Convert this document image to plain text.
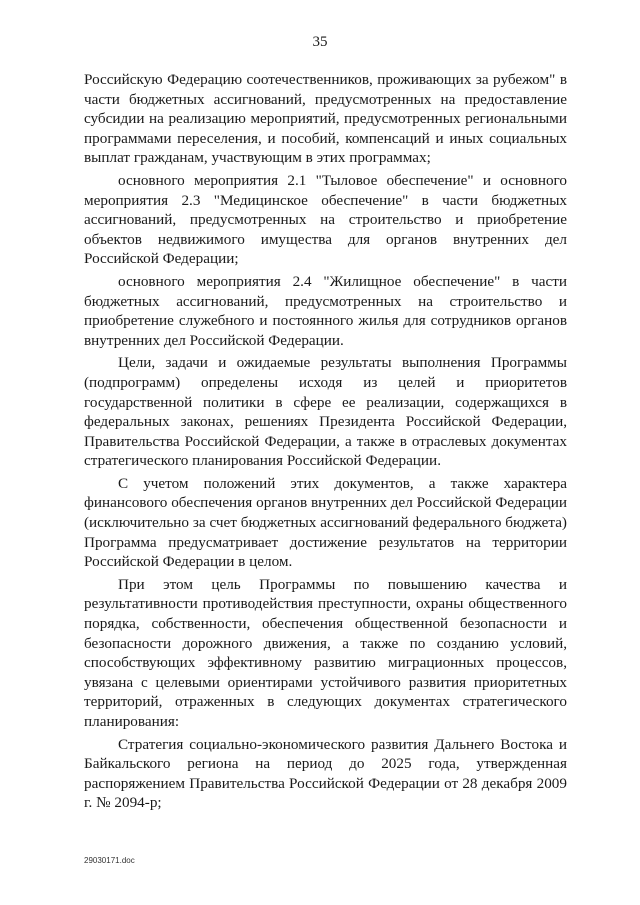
35

Российскую Федерацию соотечественников, проживающих за рубежом" в части бюджетных ассигнований, предусмотренных на предоставление субсидии на реализацию мероприятий, предусмотренных региональными программами переселения, и пособий, компенсаций и иных социальных выплат гражданам, участвующим в этих программах;

основного мероприятия 2.1 "Тыловое обеспечение" и основного мероприятия 2.3 "Медицинское обеспечение" в части бюджетных ассигнований, предусмотренных на строительство и приобретение объектов недвижимого имущества для органов внутренних дел Российской Федерации;

основного мероприятия 2.4 "Жилищное обеспечение" в части бюджетных ассигнований, предусмотренных на строительство и приобретение служебного и постоянного жилья для сотрудников органов внутренних дел Российской Федерации.

Цели, задачи и ожидаемые результаты выполнения Программы (подпрограмм) определены исходя из целей и приоритетов государственной политики в сфере ее реализации, содержащихся в федеральных законах, решениях Президента Российской Федерации, Правительства Российской Федерации, а также в отраслевых документах стратегического планирования Российской Федерации.

С учетом положений этих документов, а также характера финансового обеспечения органов внутренних дел Российской Федерации (исключительно за счет бюджетных ассигнований федерального бюджета) Программа предусматривает достижение результатов на территории Российской Федерации в целом.

При этом цель Программы по повышению качества и результативности противодействия преступности, охраны общественного порядка, собственности, обеспечения общественной безопасности и безопасности дорожного движения, а также по созданию условий, способствующих эффективному развитию миграционных процессов, увязана с целевыми ориентирами устойчивого развития приоритетных территорий, отраженных в следующих документах стратегического планирования:

Стратегия социально-экономического развития Дальнего Востока и Байкальского региона на период до 2025 года, утвержденная распоряжением Правительства Российской Федерации от 28 декабря 2009 г. № 2094-р;

29030171.doc
